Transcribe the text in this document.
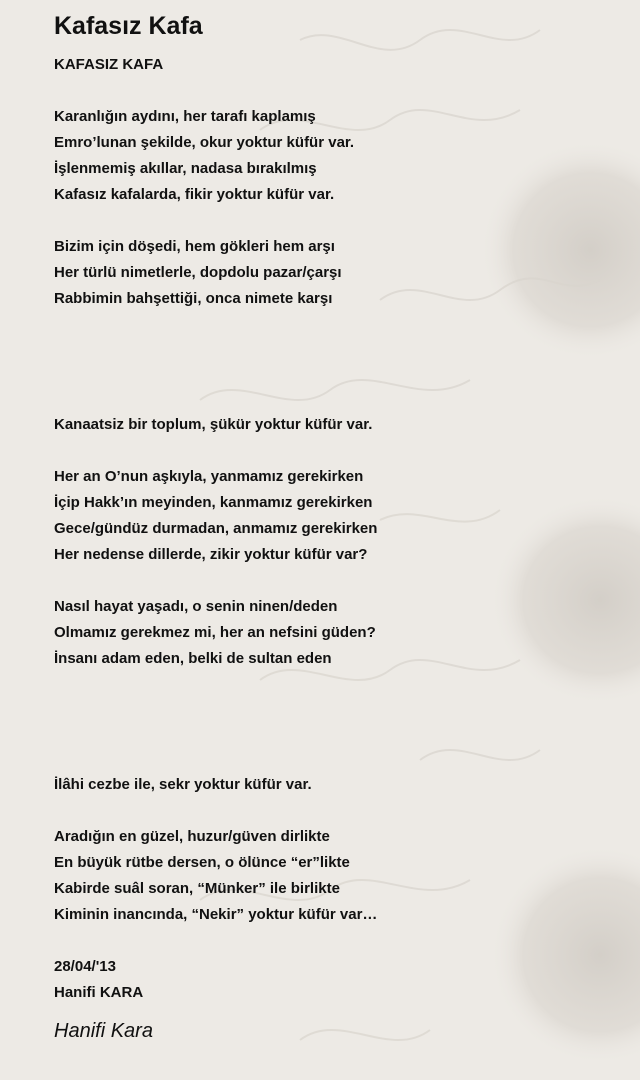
Kafasız Kafa
KAFASIZ KAFA
Karanlığın aydını, her tarafı kaplamış
Emro’lunan şekilde, okur yoktur küfür var.
İşlenmemiş akıllar, nadasa bırakılmış
Kafasız kafalarda, fikir yoktur küfür var.
Bizim için döşedi, hem gökleri hem arşı
Her türlü nimetlerle, dopdolu pazar/çarşı
Rabbimin bahşettiği, onca nimete karşı
Kanaatsiz bir toplum, şükür yoktur küfür var.
Her an O’nun aşkıyla, yanmamız gerekirken
İçip Hakk’ın meyinden, kanmamız gerekirken
Gece/gündüz durmadan, anmamız gerekirken
Her nedense dillerde, zikir yoktur küfür var?
Nasıl hayat yaşadı, o senin ninen/deden
Olmamız gerekmez mi, her an nefsini güden?
İnsanı adam eden, belki de sultan eden
İlâhi cezbe ile, sekr yoktur küfür var.
Aradığın en güzel, huzur/güven dirlikte
En büyük rütbe dersen, o ölünce “er”likte
Kabirde suâl soran, “Münker” ile birlikte
Kiminin inancında, “Nekir” yoktur küfür var…
28/04/'13
Hanifi KARA
Hanifi Kara
